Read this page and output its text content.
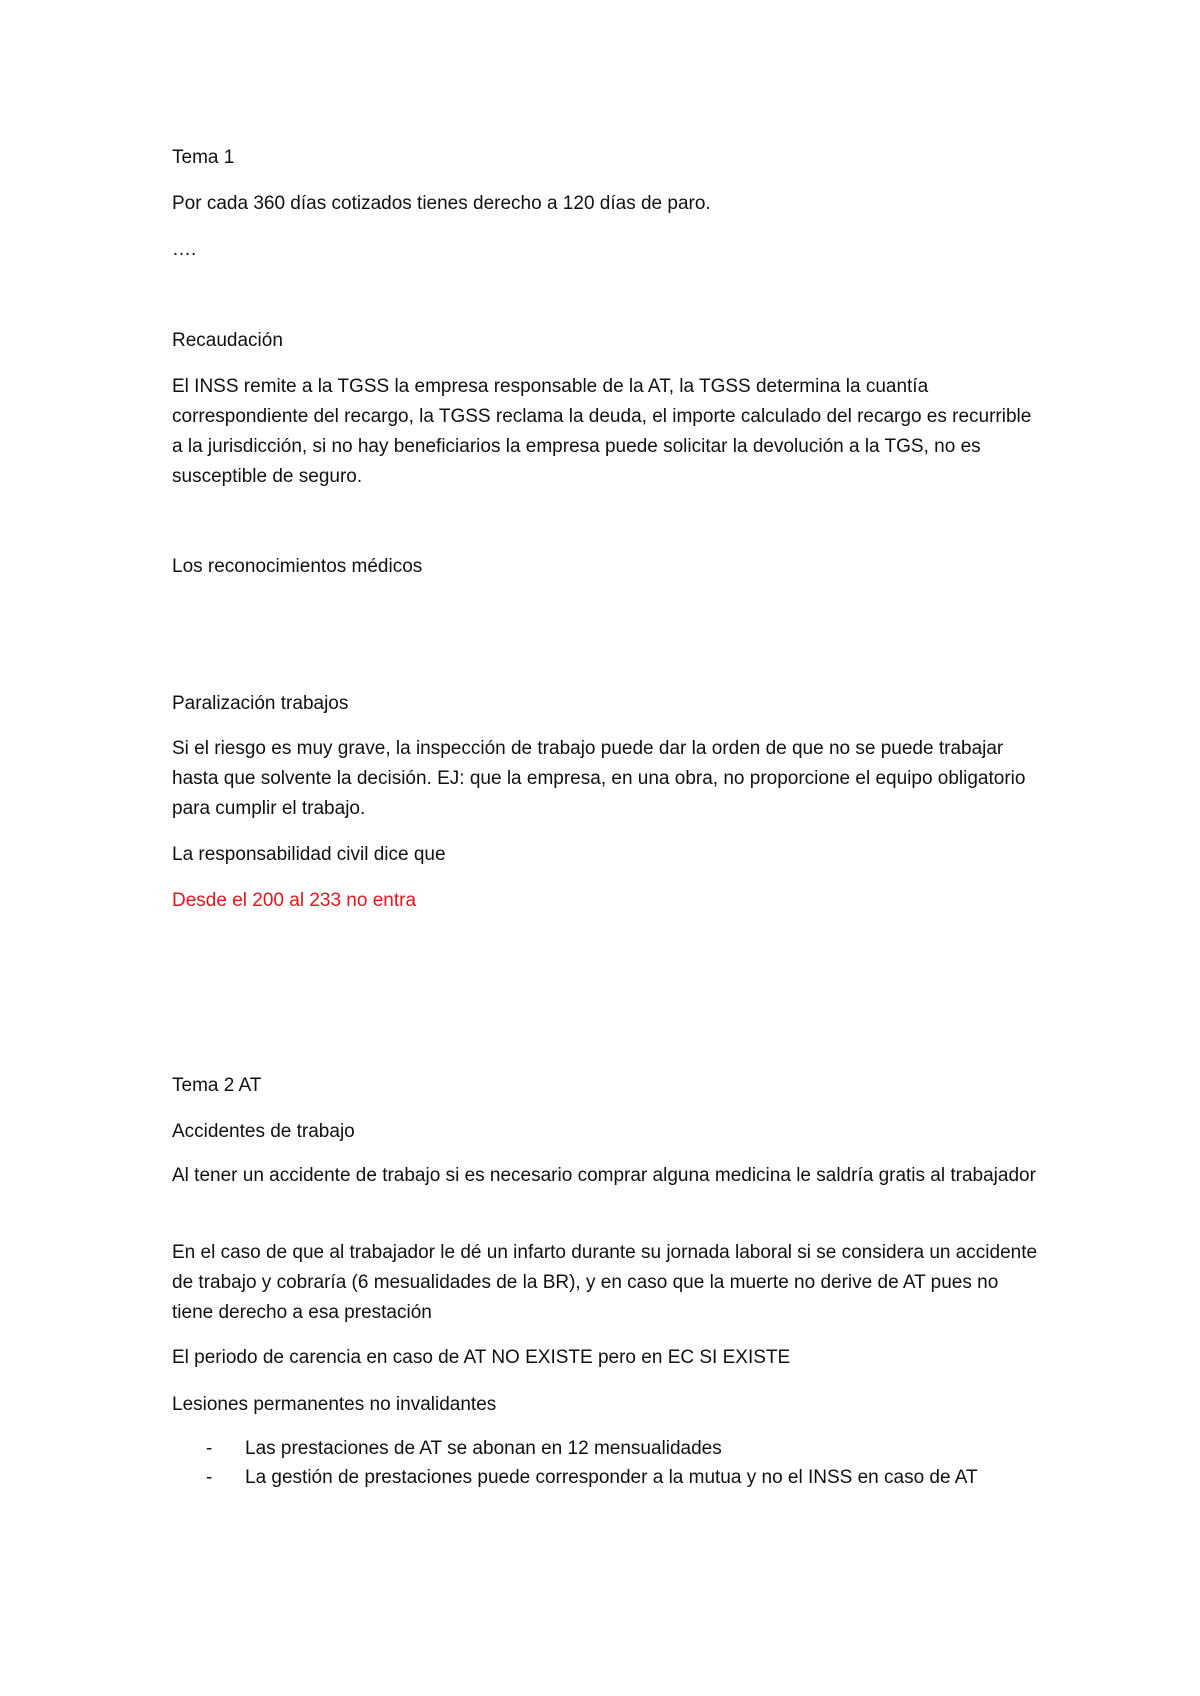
Tema 1

Por cada 360 días cotizados tienes derecho a 120 días de paro.

….

Recaudación

El INSS remite a la TGSS la empresa responsable de la AT, la TGSS determina la cuantía correspondiente del recargo, la TGSS reclama la deuda, el importe calculado del recargo es recurrible a la jurisdicción, si no hay beneficiarios la empresa puede solicitar la devolución a la TGS, no es susceptible de seguro.

Los reconocimientos médicos

Paralización trabajos

Si el riesgo es muy grave, la inspección de trabajo puede dar la orden de que no se puede trabajar hasta que solvente la decisión. EJ: que la empresa, en una obra, no proporcione el equipo obligatorio para cumplir el trabajo.

La responsabilidad civil dice que

Desde el 200 al 233 no entra

Tema 2 AT

Accidentes de trabajo

Al tener un accidente de trabajo si es necesario comprar alguna medicina le saldría gratis al trabajador

En el caso de que al trabajador le dé un infarto durante su jornada laboral si se considera un accidente de trabajo y cobraría (6 mesualidades de la BR), y en caso que la muerte no derive de AT pues no tiene derecho a esa prestación

El periodo de carencia en caso de AT NO EXISTE pero en EC SI EXISTE

Lesiones permanentes no invalidantes

- Las prestaciones de AT se abonan en 12 mensualidades
- La gestión de prestaciones puede corresponder a la mutua y no el INSS en caso de AT
